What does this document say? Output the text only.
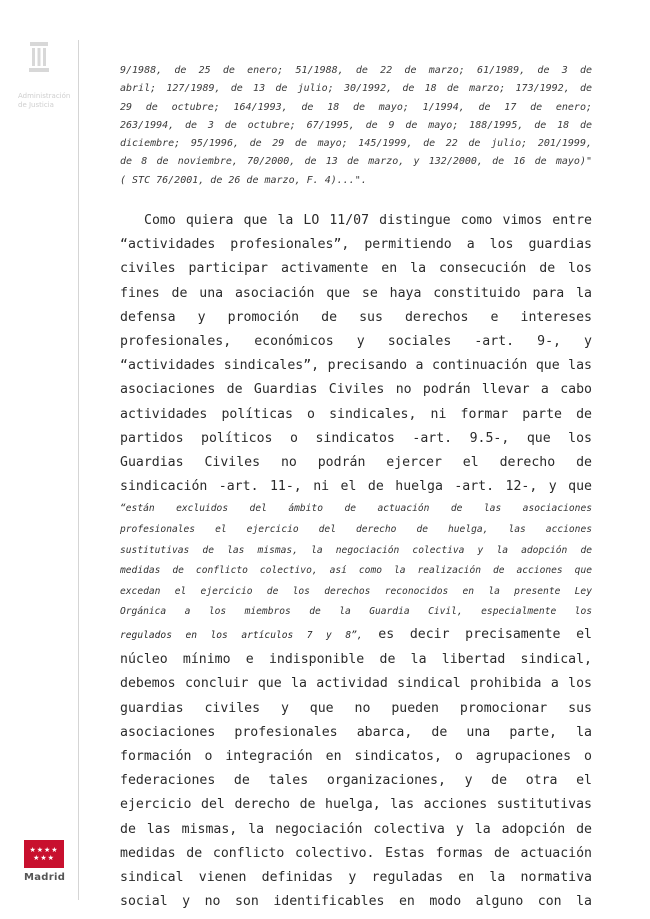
Administración de Justicia
9/1988, de 25 de enero; 51/1988, de 22 de marzo; 61/1989, de 3 de
abril; 127/1989, de 13 de julio; 30/1992, de 18 de marzo; 173/1992, de
29 de octubre; 164/1993, de 18 de mayo; 1/1994, de 17 de enero;
263/1994, de 3 de octubre; 67/1995, de 9 de mayo; 188/1995, de 18 de
diciembre; 95/1996, de 29 de mayo; 145/1999, de 22 de julio; 201/1999,
de 8 de noviembre, 70/2000, de 13 de marzo, y 132/2000, de 16 de mayo)"
( STC 76/2001, de 26 de marzo, F. 4)...".
Como quiera que la LO 11/07 distingue como vimos entre
“actividades profesionales”, permitiendo a los guardias
civiles participar activamente en la consecución de los
fines de una asociación que se haya constituido para la
defensa y promoción de sus derechos e intereses
profesionales, económicos y sociales -art. 9-, y
“actividades sindicales”, precisando a continuación que las
asociaciones de Guardias Civiles no podrán llevar a cabo
actividades políticas o sindicales, ni formar parte de
partidos políticos o sindicatos -art. 9.5-, que los
Guardias Civiles no podrán ejercer el derecho de
sindicación -art. 11-, ni el de huelga -art. 12-, y que
“están excluidos del ámbito de actuación de las asociaciones
profesionales el ejercicio del derecho de huelga, las acciones
sustitutivas de las mismas, la negociación colectiva y la adopción de
medidas de conflicto colectivo, así como la realización de acciones que
excedan el ejercicio de los derechos reconocidos en la presente Ley
Orgánica a los miembros de la Guardia Civil, especialmente los
regulados en los artículos 7 y 8”, es decir precisamente el
núcleo mínimo e indisponible de la libertad sindical,
debemos concluir que la actividad sindical prohibida a los
guardias civiles y que no pueden promocionar sus
asociaciones profesionales abarca, de una parte, la
formación o integración en sindicatos, o agrupaciones o
federaciones de tales organizaciones, y de otra el
ejercicio del derecho de huelga, las acciones sustitutivas
de las mismas, la negociación colectiva y la adopción de
medidas de conflicto colectivo. Estas formas de actuación
sindical vienen definidas y reguladas en la normativa
social y no son identificables en modo alguno con la
★★★★ ★★★
Madrid
